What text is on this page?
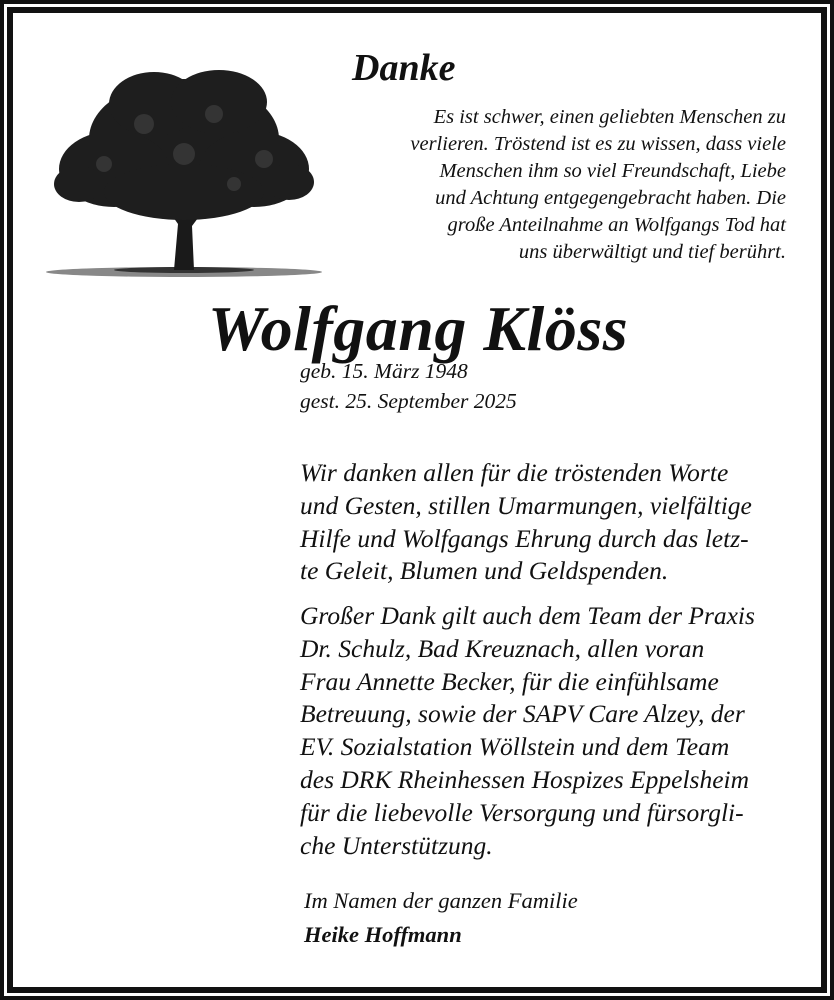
Danke
Es ist schwer, einen geliebten Menschen zu
verlieren. Tröstend ist es zu wissen, dass viele
Menschen ihm so viel Freundschaft, Liebe
und Achtung entgegengebracht haben. Die
große Anteilnahme an Wolfgangs Tod hat
uns überwältigt und tief berührt.
Wolfgang Klöss
geb. 15. März 1948
gest. 25. September 2025
Wir danken allen für die tröstenden Worte
und Gesten, stillen Umarmungen, vielfältige
Hilfe und Wolfgangs Ehrung durch das letz-
te Geleit, Blumen und Geldspenden.
Großer Dank gilt auch dem Team der Praxis
Dr. Schulz, Bad Kreuznach, allen voran
Frau Annette Becker, für die einfühlsame
Betreuung, sowie der SAPV Care Alzey, der
EV. Sozialstation Wöllstein und dem Team
des DRK Rheinhessen Hospizes Eppelsheim
für die liebevolle Versorgung und fürsorgli-
che Unterstützung.
Im Namen der ganzen Familie
Heike Hoffmann
